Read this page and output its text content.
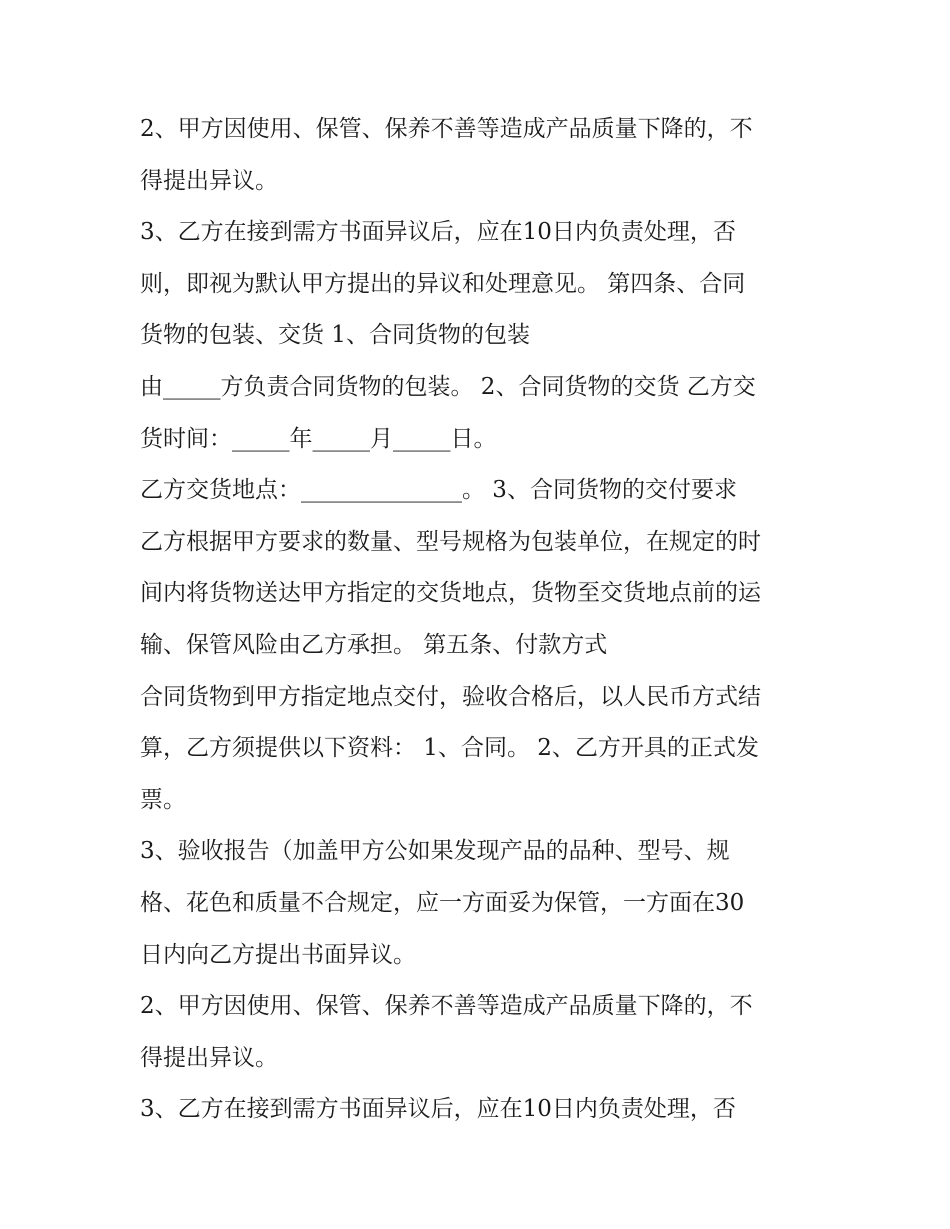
2、甲方因使用、保管、保养不善等造成产品质量下降的，不
得提出异议。
3、乙方在接到需方书面异议后，应在10日内负责处理，否
则，即视为默认甲方提出的异议和处理意见。 第四条、合同
货物的包装、交货 1、合同货物的包装
由_____方负责合同货物的包装。 2、合同货物的交货 乙方交
货时间：_____年_____月_____日。
乙方交货地点：______________。 3、合同货物的交付要求
乙方根据甲方要求的数量、型号规格为包装单位，在规定的时
间内将货物送达甲方指定的交货地点，货物至交货地点前的运
输、保管风险由乙方承担。 第五条、付款方式
合同货物到甲方指定地点交付，验收合格后，以人民币方式结
算，乙方须提供以下资料： 1、合同。 2、乙方开具的正式发
票。
3、验收报告（加盖甲方公如果发现产品的品种、型号、规
格、花色和质量不合规定，应一方面妥为保管，一方面在30
日内向乙方提出书面异议。
2、甲方因使用、保管、保养不善等造成产品质量下降的，不
得提出异议。
3、乙方在接到需方书面异议后，应在10日内负责处理，否
